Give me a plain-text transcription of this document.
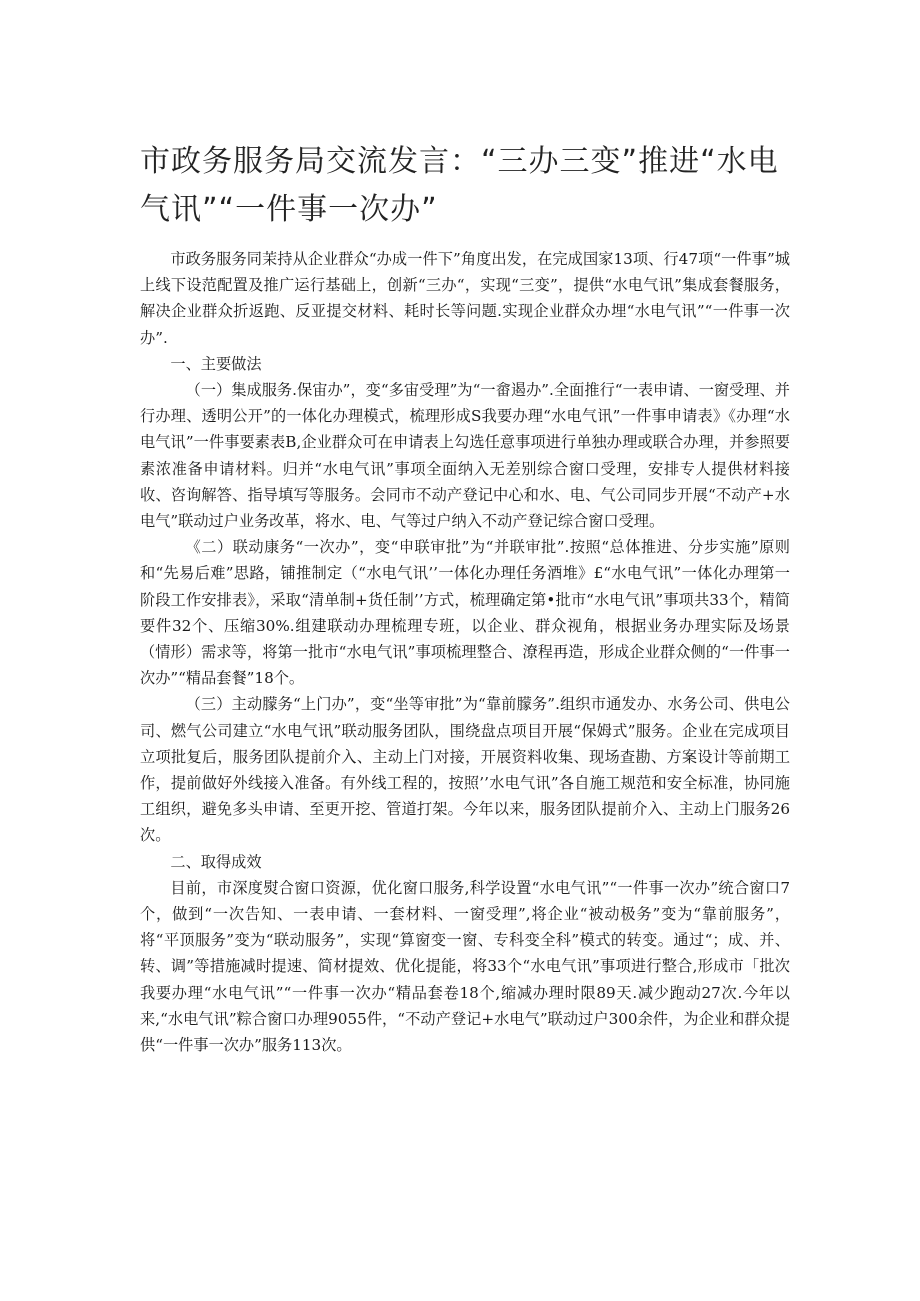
市政务服务局交流发言：“三办三变”推进“水电气讯”“一件事一次办”

市政务服务同茉持从企业群众“办成一件下”角度出发，在完成国家13项、行47项“一件事”城上线下设范配置及推广运行基础上，创新“三办“，实现“三变”，提供“水电气讯”集成套餐服务，解决企业群众折返跑、反亚提交材料、耗时长等问题.实现企业群众办埋“水电气讯”“一件事一次办”.

一、主要做法

（一）集成服务.保宙办”，变“多宙受理”为“一畲遏办”.全面推行“一表申请、一窗受理、并行办理、透明公开”的一体化办理模式，梳理形成S我要办理“水电气讯”一件事申请表》《办理“水电气讯”一件事要素表B,企业群众可在申请表上勾选任意事项进行单独办理或联合办理，并参照要素浓准备申请材料。归并“水电气讯”事项全面纳入无差别综合窗口受理，安排专人提供材料接收、咨询解答、指导填写等服务。会同市不动产登记中心和水、电、气公司同步开展“不动产+水电气”联动过户业务改革，将水、电、气等过户纳入不动产登记综合窗口受理。

《二）联动康务“一次办”，变“申联审批”为“并联审批”.按照“总体推进、分步实施”原则和“先易后难”思路，铺推制定（“水电气讯’’一体化办理任务酒堆》£“水电气讯”一体化办理第一阶段工作安排表》，采取“清单制+货任制’’方式，梳理确定第•批市“水电气讯”事项共33个，精简要件32个、压缩30%.组建联动办理梳理专班，以企业、群众视角，根据业务办理实际及场景（情形）需求等，将第一批市“水电气讯”事项梳理整合、潦程再造，形成企业群众侧的“一件事一次办”“精品套餐”18个。

（三）主动朦务“上门办”，变“坐等审批”为“靠前朦务”.组织市通发办、水务公司、供电公司、燃气公司建立“水电气讯”联动服务团队，围绕盘点项目开展“保姆式”服务。企业在完成项目立项批复后，服务团队提前介入、主动上门对接，开展资料收集、现场查勘、方案设计等前期工作，提前做好外线接入准备。有外线工程的，按照’’水电气讯”各自施工规范和安全标准，协同施工组织，避免多头申请、至更开挖、管道打架。今年以来，服务团队提前介入、主动上门服务26次。

二、取得成效

目前，市深度熨合窗口资源，优化窗口服务,科学设置“水电气讯”“一件事一次办”统合窗口7个，做到“一次告知、一表申请、一套材料、一窗受理”,将企业“被动极务”变为“靠前服务”，将“平顶服务”变为“联动服务”，实现“算窗变一窗、专科变全科”模式的转变。通过“；成、并、转、调”等措施减时提速、简材提效、优化提能，将33个“水电气讯”事项进行整合,形成市「批次我要办理“水电气讯”“一件事一次办“精品套卷18个,缩减办理时限89天.减少跑动27次.今年以来,“水电气讯”粽合窗口办理9055件，“不动产登记+水电气”联动过户300余件，为企业和群众提供“一件事一次办”服务113次。
